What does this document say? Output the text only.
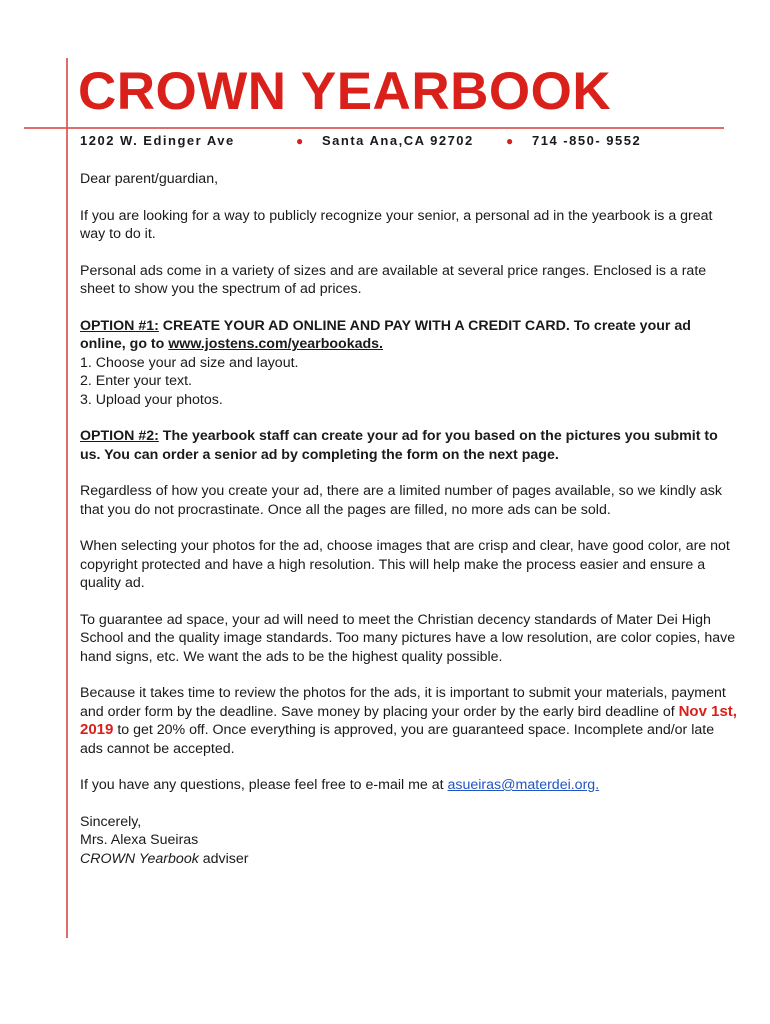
CROWN YEARBOOK
1202 W. Edinger Ave	● Santa Ana,CA 92702	● 714 -850- 9552

Dear parent/guardian,

If you are looking for a way to publicly recognize your senior, a personal ad in the yearbook is a great way to do it.

Personal ads come in a variety of sizes and are available at several price ranges. Enclosed is a rate sheet to show you the spectrum of ad prices.

OPTION #1: CREATE YOUR AD ONLINE AND PAY WITH A CREDIT CARD. To create your ad online, go to www.jostens.com/yearbookads.
1. Choose your ad size and layout.
2. Enter your text.
3. Upload your photos.

OPTION #2: The yearbook staff can create your ad for you based on the pictures you submit to us. You can order a senior ad by completing the form on the next page.

Regardless of how you create your ad, there are a limited number of pages available, so we kindly ask that you do not procrastinate. Once all the pages are filled, no more ads can be sold.

When selecting your photos for the ad, choose images that are crisp and clear, have good color, are not copyright protected and have a high resolution. This will help make the process easier and ensure a quality ad.

To guarantee ad space, your ad will need to meet the Christian decency standards of Mater Dei High School and the quality image standards. Too many pictures have a low resolution, are color copies, have hand signs, etc. We want the ads to be the highest quality possible.

Because it takes time to review the photos for the ads, it is important to submit your materials, payment and order form by the deadline. Save money by placing your order by the early bird deadline of Nov 1st, 2019 to get 20% off. Once everything is approved, you are guaranteed space. Incomplete and/or late ads cannot be accepted.

If you have any questions, please feel free to e-mail me at asueiras@materdei.org.

Sincerely,
Mrs. Alexa Sueiras
CROWN Yearbook adviser
